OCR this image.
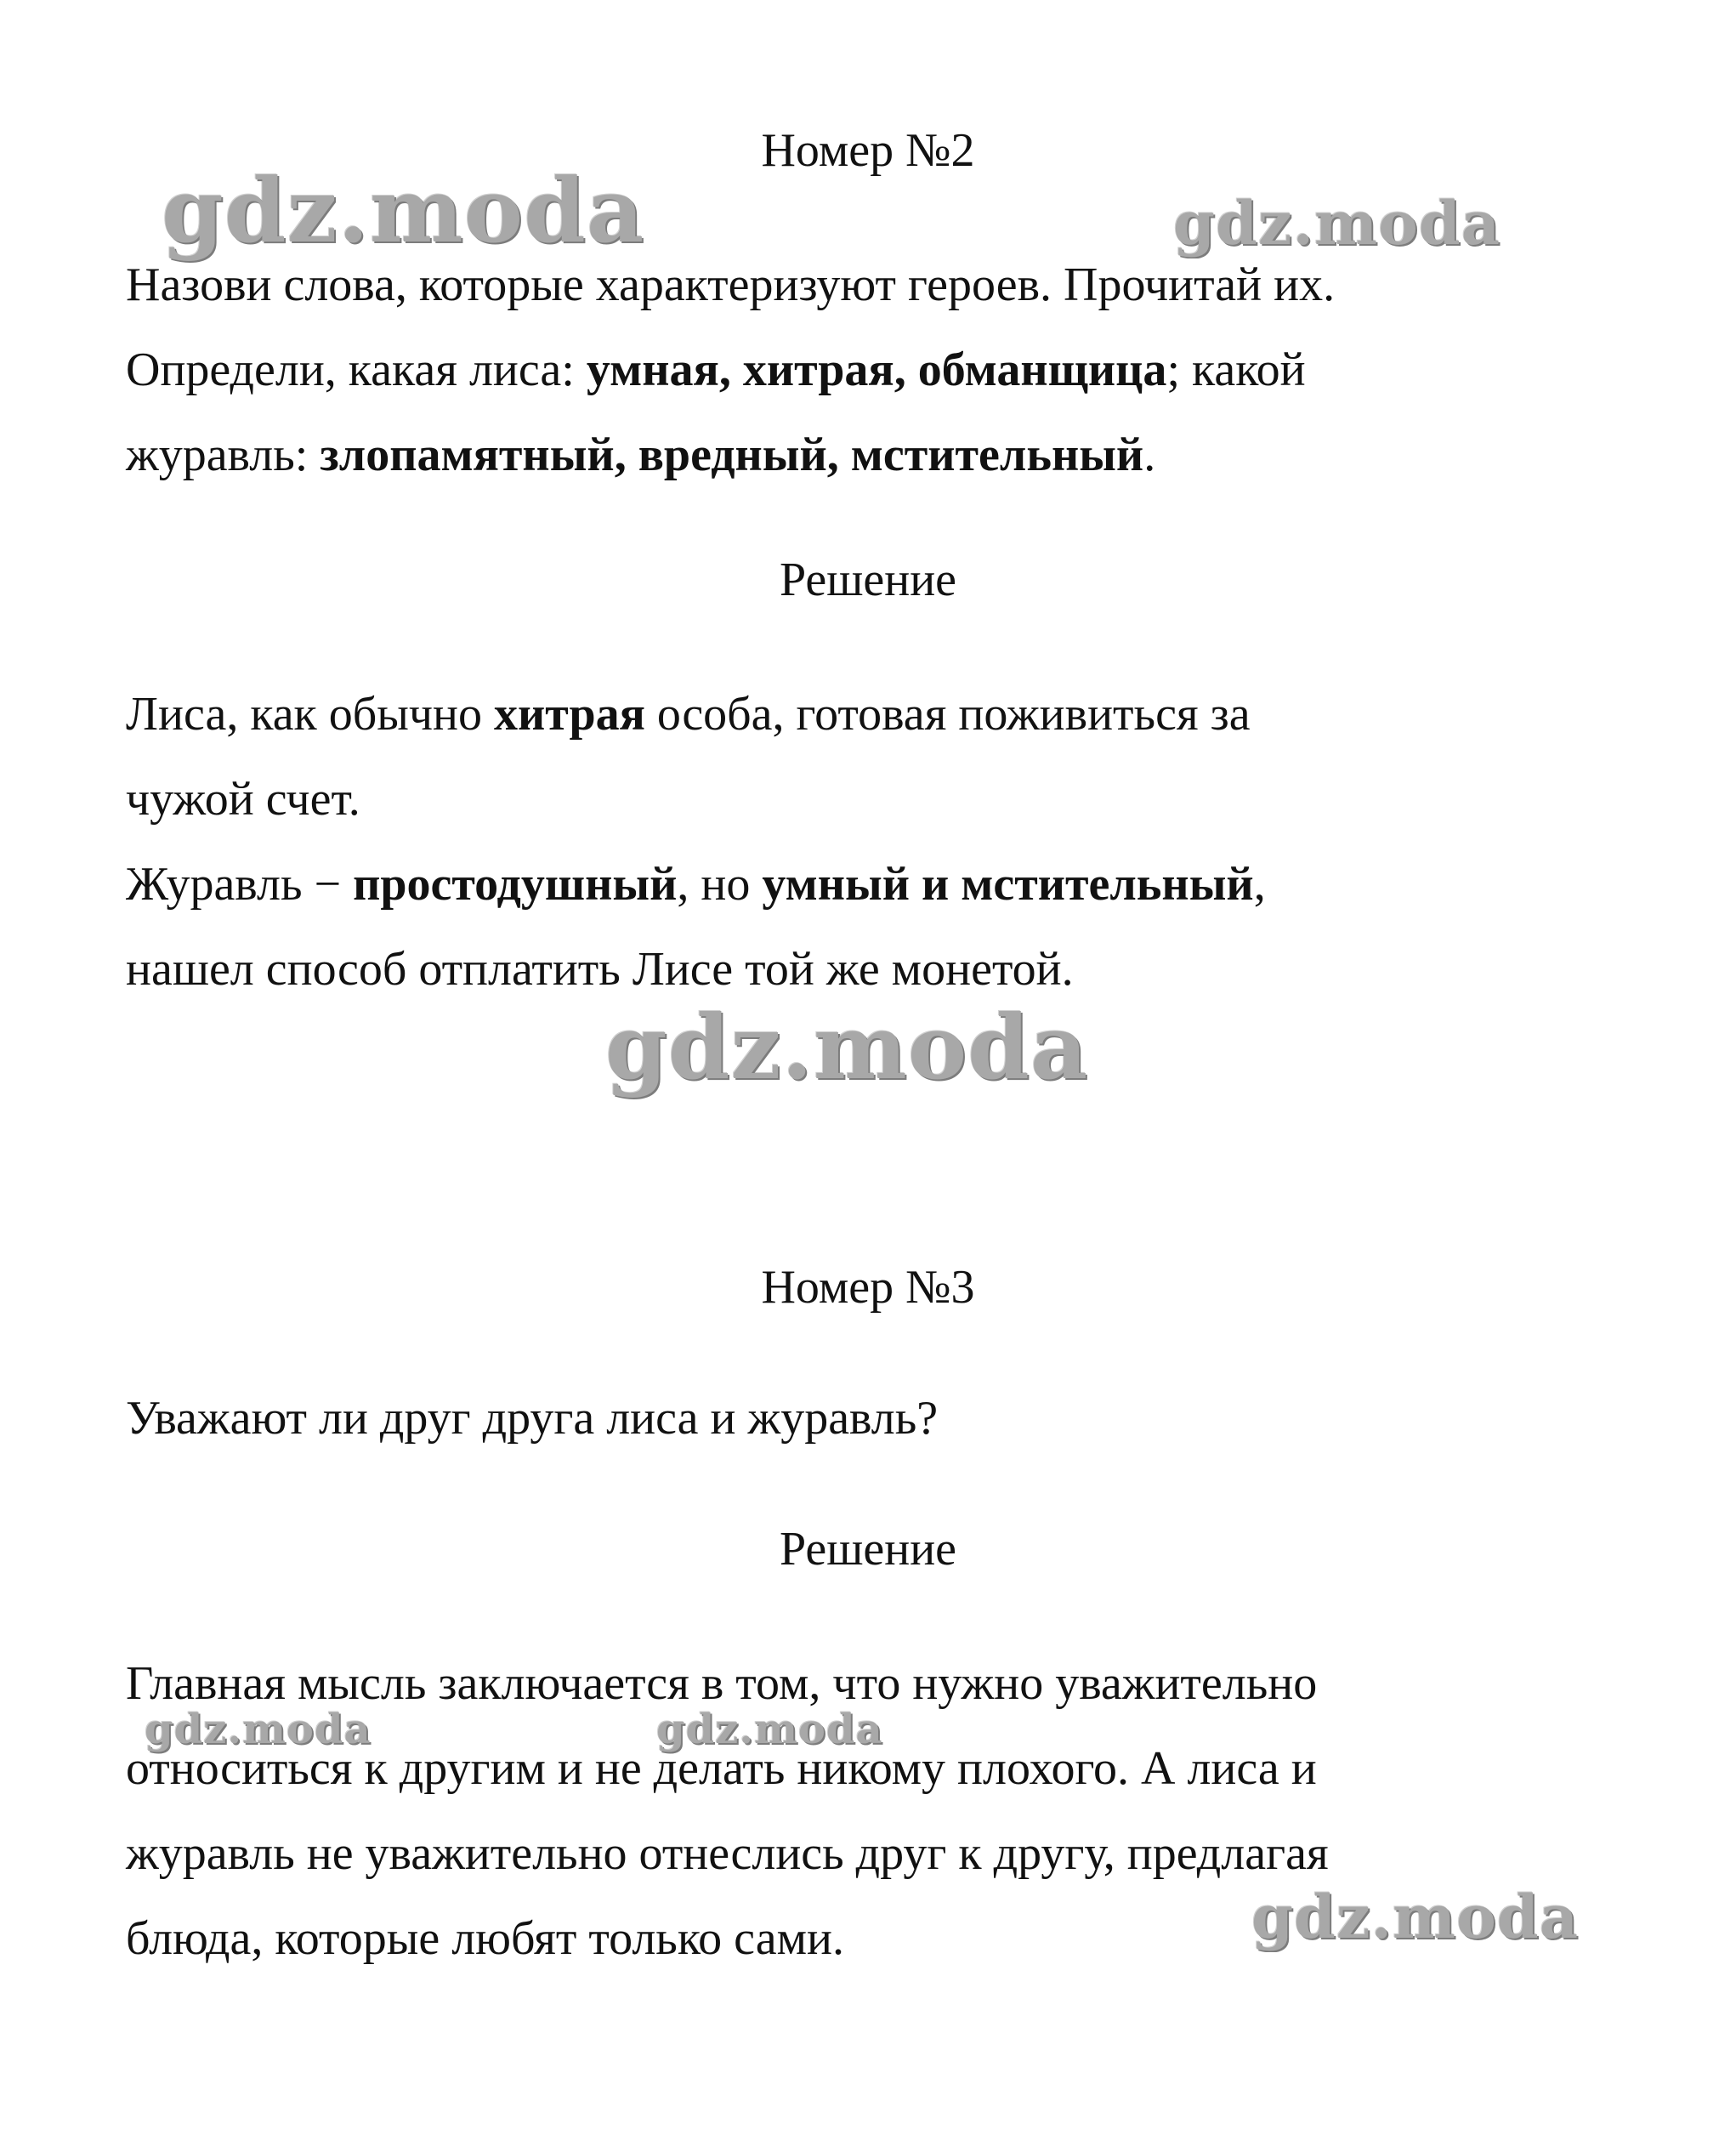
gdz.moda	gdz.moda
gdz.moda
gdz.moda	gdz.moda
gdz.moda
Номер №2

Назови слова, которые характеризуют героев. Прочитай их.
Определи, какая лиса: умная, хитрая, обманщица; какой
журавль: злопамятный, вредный, мстительный.

Решение

Лиса, как обычно хитрая особа, готовая поживиться за
чужой счет.
Журавль − простодушный, но умный и мстительный,
нашел способ отплатить Лисе той же монетой.

Номер №3

Уважают ли друг друга лиса и журавль?

Решение

Главная мысль заключается в том, что нужно уважительно
относиться к другим и не делать никому плохого. А лиса и
журавль не уважительно отнеслись друг к другу, предлагая
блюда, которые любят только сами.
